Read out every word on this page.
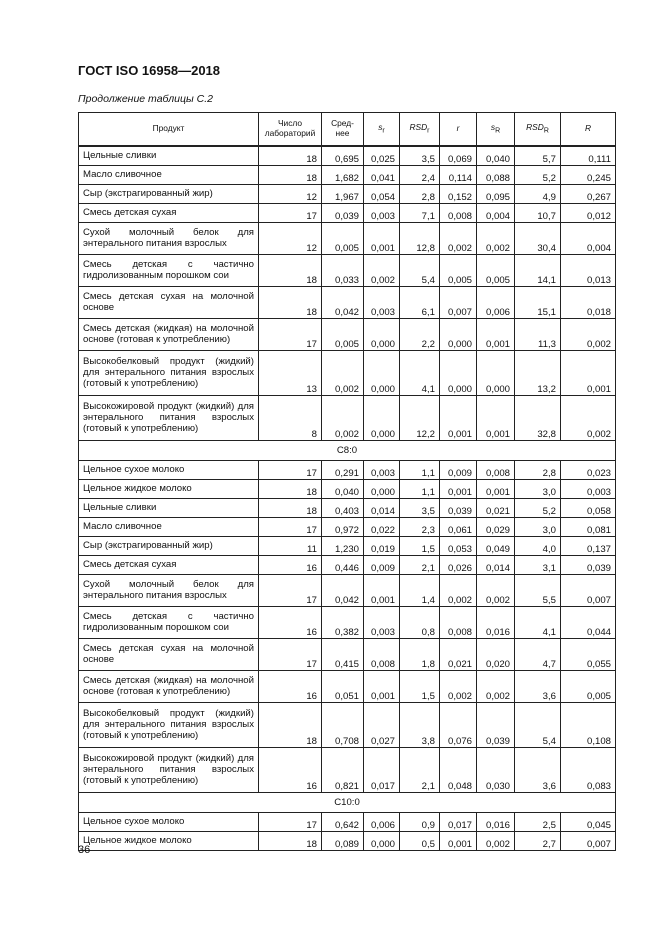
ГОСТ ISO 16958—2018
Продолжение таблицы С.2
Продукт	Число лабораторий	Сред-нее	$s_r$	$RSD_r$	r	$s_R$	$RSD_R$	R
Цельные сливки	18	0,695	0,025	3,5	0,069	0,040	5,7	0,111
Масло сливочное	18	1,682	0,041	2,4	0,114	0,088	5,2	0,245
Сыр (экстрагированный жир)	12	1,967	0,054	2,8	0,152	0,095	4,9	0,267
Смесь детская сухая	17	0,039	0,003	7,1	0,008	0,004	10,7	0,012
Сухой молочный белок для энтерального питания взрослых	12	0,005	0,001	12,8	0,002	0,002	30,4	0,004
Смесь детская с частично гидролизованным порошком сои	18	0,033	0,002	5,4	0,005	0,005	14,1	0,013
Смесь детская сухая на молочной основе	18	0,042	0,003	6,1	0,007	0,006	15,1	0,018
Смесь детская (жидкая) на молочной основе (готовая к употреблению)	17	0,005	0,000	2,2	0,000	0,001	11,3	0,002
Высокобелковый продукт (жидкий) для энтерального питания взрослых (готовый к употреблению)	13	0,002	0,000	4,1	0,000	0,000	13,2	0,001
Высокожировой продукт (жидкий) для энтерального питания взрослых (готовый к употреблению)	8	0,002	0,000	12,2	0,001	0,001	32,8	0,002
С8:0								
Цельное сухое молоко	17	0,291	0,003	1,1	0,009	0,008	2,8	0,023
Цельное жидкое молоко	18	0,040	0,000	1,1	0,001	0,001	3,0	0,003
Цельные сливки	18	0,403	0,014	3,5	0,039	0,021	5,2	0,058
Масло сливочное	17	0,972	0,022	2,3	0,061	0,029	3,0	0,081
Сыр (экстрагированный жир)	11	1,230	0,019	1,5	0,053	0,049	4,0	0,137
Смесь детская сухая	16	0,446	0,009	2,1	0,026	0,014	3,1	0,039
Сухой молочный белок для энтерального питания взрослых	17	0,042	0,001	1,4	0,002	0,002	5,5	0,007
Смесь детская с частично гидролизованным порошком сои	16	0,382	0,003	0,8	0,008	0,016	4,1	0,044
Смесь детская сухая на молочной основе	17	0,415	0,008	1,8	0,021	0,020	4,7	0,055
Смесь детская (жидкая) на молочной основе (готовая к употреблению)	16	0,051	0,001	1,5	0,002	0,002	3,6	0,005
Высокобелковый продукт (жидкий) для энтерального питания взрослых (готовый к употреблению)	18	0,708	0,027	3,8	0,076	0,039	5,4	0,108
Высокожировой продукт (жидкий) для энтерального питания взрослых (готовый к употреблению)	16	0,821	0,017	2,1	0,048	0,030	3,6	0,083
С10:0								
Цельное сухое молоко	17	0,642	0,006	0,9	0,017	0,016	2,5	0,045
Цельное жидкое молоко	18	0,089	0,000	0,5	0,001	0,002	2,7	0,007
36
